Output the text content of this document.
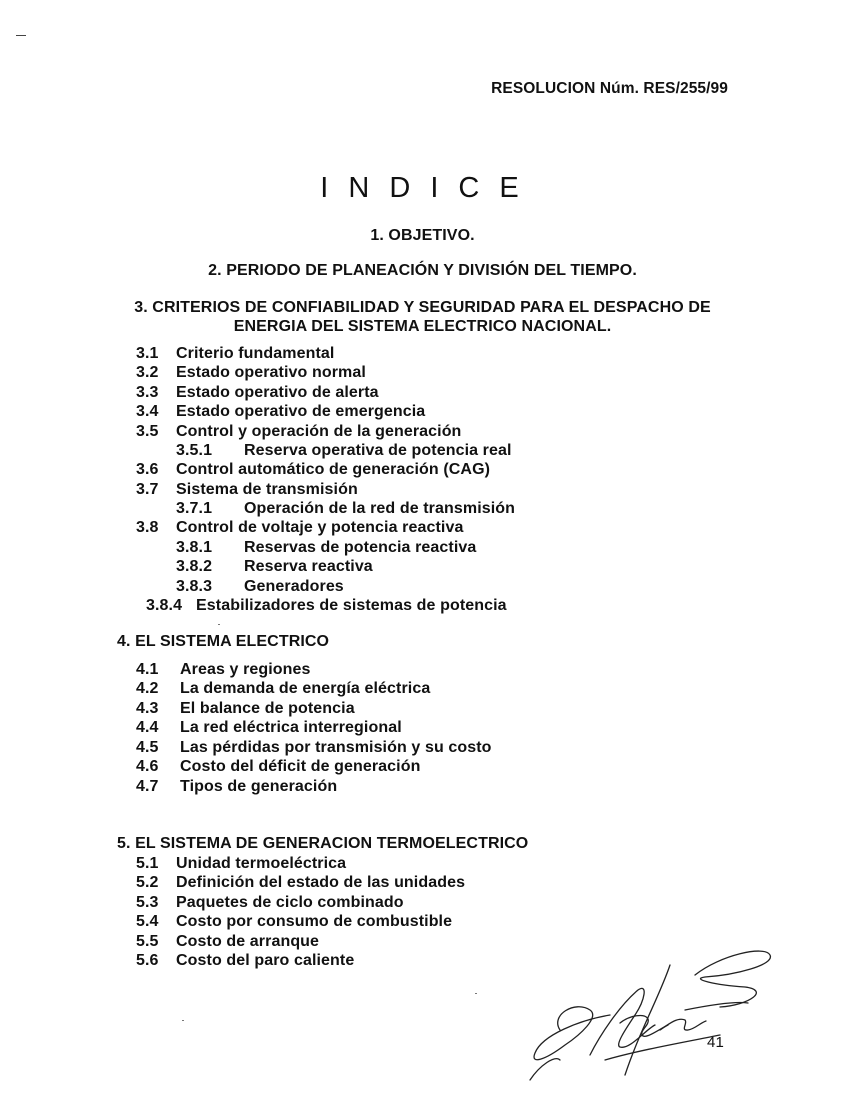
RESOLUCION Núm. RES/255/99
I N D I C E
1. OBJETIVO.
2. PERIODO DE PLANEACIÓN Y DIVISIÓN DEL TIEMPO.
3. CRITERIOS DE CONFIABILIDAD Y SEGURIDAD PARA EL DESPACHO DE
ENERGIA DEL SISTEMA ELECTRICO NACIONAL.
3.1 Criterio fundamental
3.2 Estado operativo normal
3.3 Estado operativo de alerta
3.4 Estado operativo de emergencia
3.5 Control y operación de la generación
3.5.1 Reserva operativa de potencia real
3.6 Control automático de generación (CAG)
3.7 Sistema de transmisión
3.7.1 Operación de la red de transmisión
3.8 Control de voltaje y potencia reactiva
3.8.1 Reservas de potencia reactiva
3.8.2 Reserva reactiva
3.8.3 Generadores
3.8.4 Estabilizadores de sistemas de potencia
4. EL SISTEMA ELECTRICO
4.1 Areas y regiones
4.2 La demanda de energía eléctrica
4.3 El balance de potencia
4.4 La red eléctrica interregional
4.5 Las pérdidas por transmisión y su costo
4.6 Costo del déficit de generación
4.7 Tipos de generación
5. EL SISTEMA DE GENERACION TERMOELECTRICO
5.1 Unidad termoeléctrica
5.2 Definición del estado de las unidades
5.3 Paquetes de ciclo combinado
5.4 Costo por consumo de combustible
5.5 Costo de arranque
5.6 Costo del paro caliente
41
